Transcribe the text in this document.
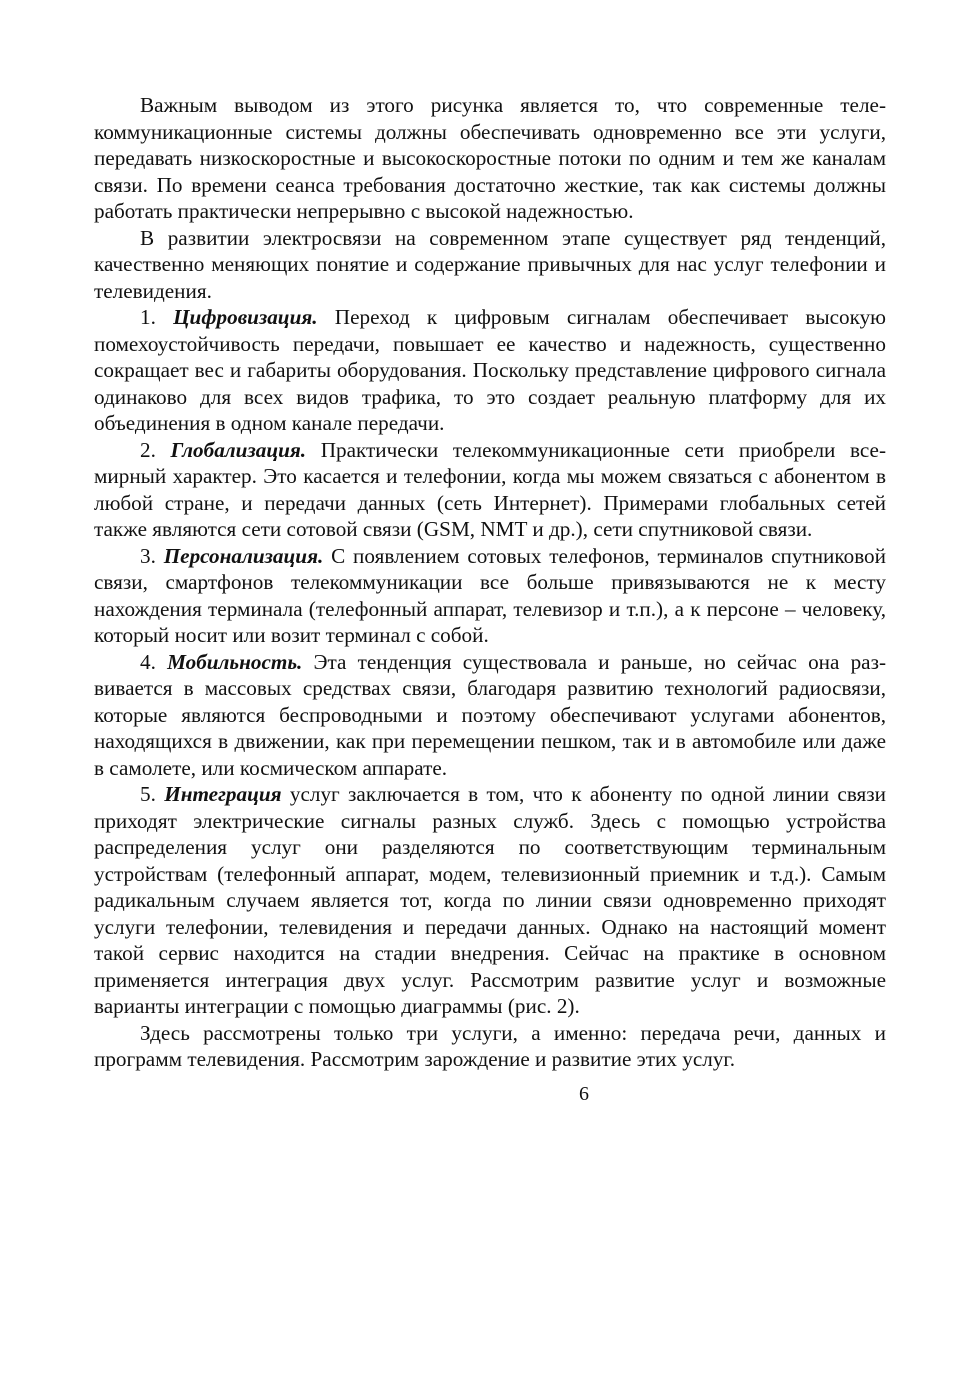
Важным выводом из этого рисунка является то, что современные телекоммуникационные системы должны обеспечивать одновременно все эти услуги, передавать низкоскоростные и высокоскоростные потоки по одним и тем же каналам связи. По времени сеанса требования достаточно жесткие, так как системы должны работать практически непрерывно с высокой надежностью.

В развитии электросвязи на современном этапе существует ряд тенденций, качественно меняющих понятие и содержание привычных для нас услуг телефонии и телевидения.

1. Цифровизация. Переход к цифровым сигналам обеспечивает высокую помехоустойчивость передачи, повышает ее качество и надежность, существенно сокращает вес и габариты оборудования. Поскольку представление цифрового сигнала одинаково для всех видов трафика, то это создает реальную платформу для их объединения в одном канале передачи.

2. Глобализация. Практически телекоммуникационные сети приобрели всемирный характер. Это касается и телефонии, когда мы можем связаться с абонентом в любой стране, и передачи данных (сеть Интернет). Примерами глобальных сетей также являются сети сотовой связи (GSM, NMT и др.), сети спутниковой связи.

3. Персонализация. С появлением сотовых телефонов, терминалов спутниковой связи, смартфонов телекоммуникации все больше привязываются не к месту нахождения терминала (телефонный аппарат, телевизор и т.п.), а к персоне – человеку, который носит или возит терминал с собой.

4. Мобильность. Эта тенденция существовала и раньше, но сейчас она развивается в массовых средствах связи, благодаря развитию технологий радиосвязи, которые являются беспроводными и поэтому обеспечивают услугами абонентов, находящихся в движении, как при перемещении пешком, так и в автомобиле или даже в самолете, или космическом аппарате.

5. Интеграция услуг заключается в том, что к абоненту по одной линии связи приходят электрические сигналы разных служб. Здесь с помощью устройства распределения услуг они разделяются по соответствующим терминальным устройствам (телефонный аппарат, модем, телевизионный приемник и т.д.). Самым радикальным случаем является тот, когда по линии связи одновременно приходят услуги телефонии, телевидения и передачи данных. Однако на настоящий момент такой сервис находится на стадии внедрения. Сейчас на практике в основном применяется интеграция двух услуг. Рассмотрим развитие услуг и возможные варианты интеграции с помощью диаграммы (рис. 2).

Здесь рассмотрены только три услуги, а именно: передача речи, данных и программ телевидения. Рассмотрим зарождение и развитие этих услуг.

6
